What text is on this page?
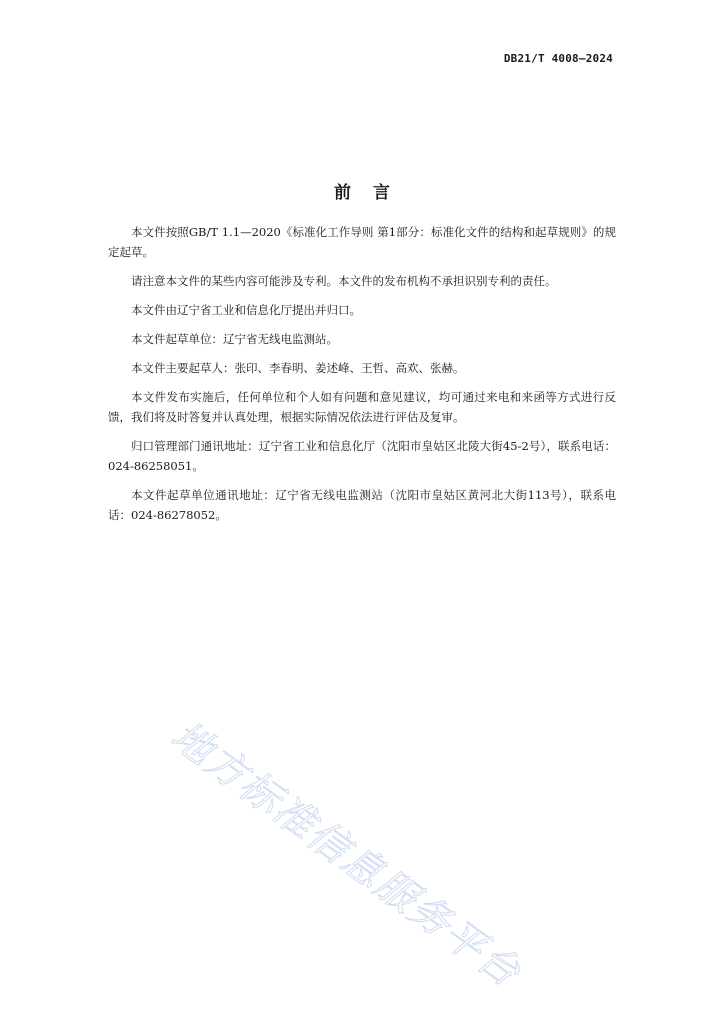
DB21/T 4008—2024
前言

本文件按照GB/T 1.1—2020《标准化工作导则 第1部分：标准化文件的结构和起草规则》的规定起草。

请注意本文件的某些内容可能涉及专利。本文件的发布机构不承担识别专利的责任。

本文件由辽宁省工业和信息化厅提出并归口。

本文件起草单位：辽宁省无线电监测站。

本文件主要起草人：张印、李春明、姜述峰、王哲、高欢、张赫。

本文件发布实施后，任何单位和个人如有问题和意见建议，均可通过来电和来函等方式进行反馈，我们将及时答复并认真处理，根据实际情况依法进行评估及复审。

归口管理部门通讯地址：辽宁省工业和信息化厅（沈阳市皇姑区北陵大街45-2号），联系电话：024-86258051。

本文件起草单位通讯地址：辽宁省无线电监测站（沈阳市皇姑区黄河北大街113号），联系电话：024-86278052。

地方标准信息服务平台
